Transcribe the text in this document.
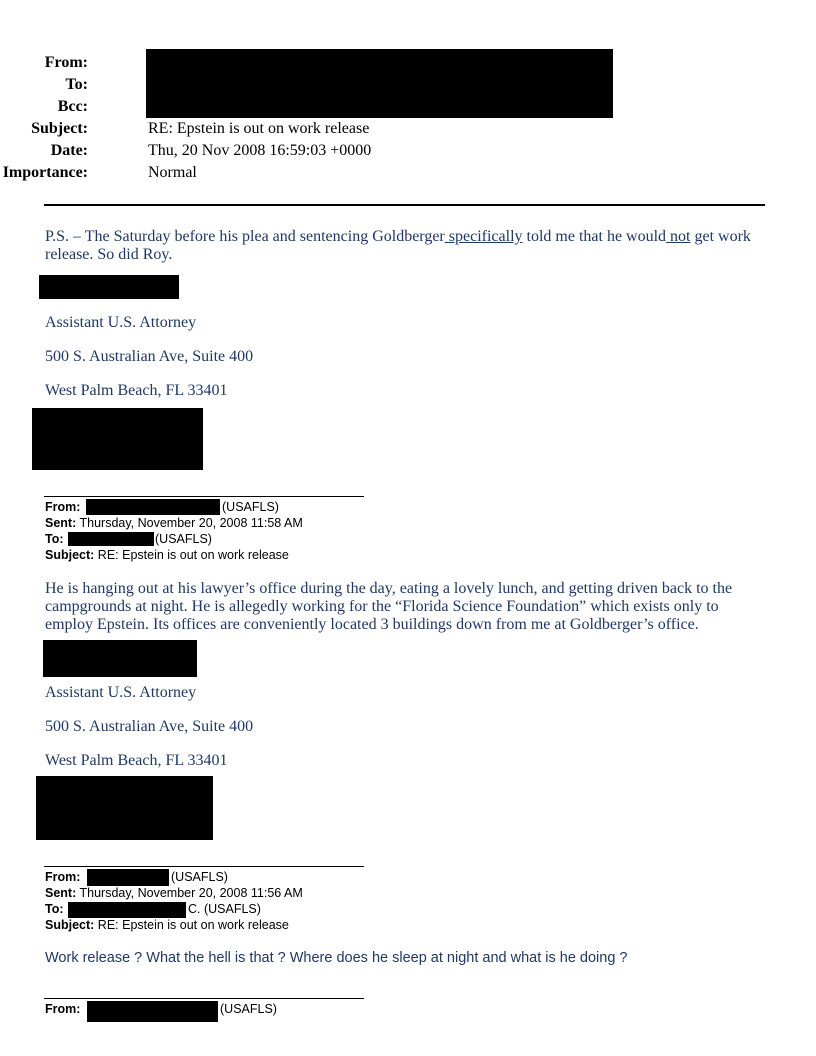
From:
To:
Bcc:
Subject:	RE: Epstein is out on work release
Date:	Thu, 20 Nov 2008 16:59:03 +0000
Importance:	Normal
P.S. – The Saturday before his plea and sentencing Goldberger specifically told me that he would not get work release. So did Roy.
Assistant U.S. Attorney
500 S. Australian Ave, Suite 400
West Palm Beach, FL 33401
From:	(USAFLS)
Sent: Thursday, November 20, 2008 11:58 AM
To:	(USAFLS)
Subject: RE: Epstein is out on work release
He is hanging out at his lawyer’s office during the day, eating a lovely lunch, and getting driven back to the campgrounds at night. He is allegedly working for the “Florida Science Foundation” which exists only to employ Epstein. Its offices are conveniently located 3 buildings down from me at Goldberger’s office.
Assistant U.S. Attorney
500 S. Australian Ave, Suite 400
West Palm Beach, FL 33401
From:	(USAFLS)
Sent: Thursday, November 20, 2008 11:56 AM
To:	C. (USAFLS)
Subject: RE: Epstein is out on work release
Work release ? What the hell is that ? Where does he sleep at night and what is he doing ?
From:	(USAFLS)
